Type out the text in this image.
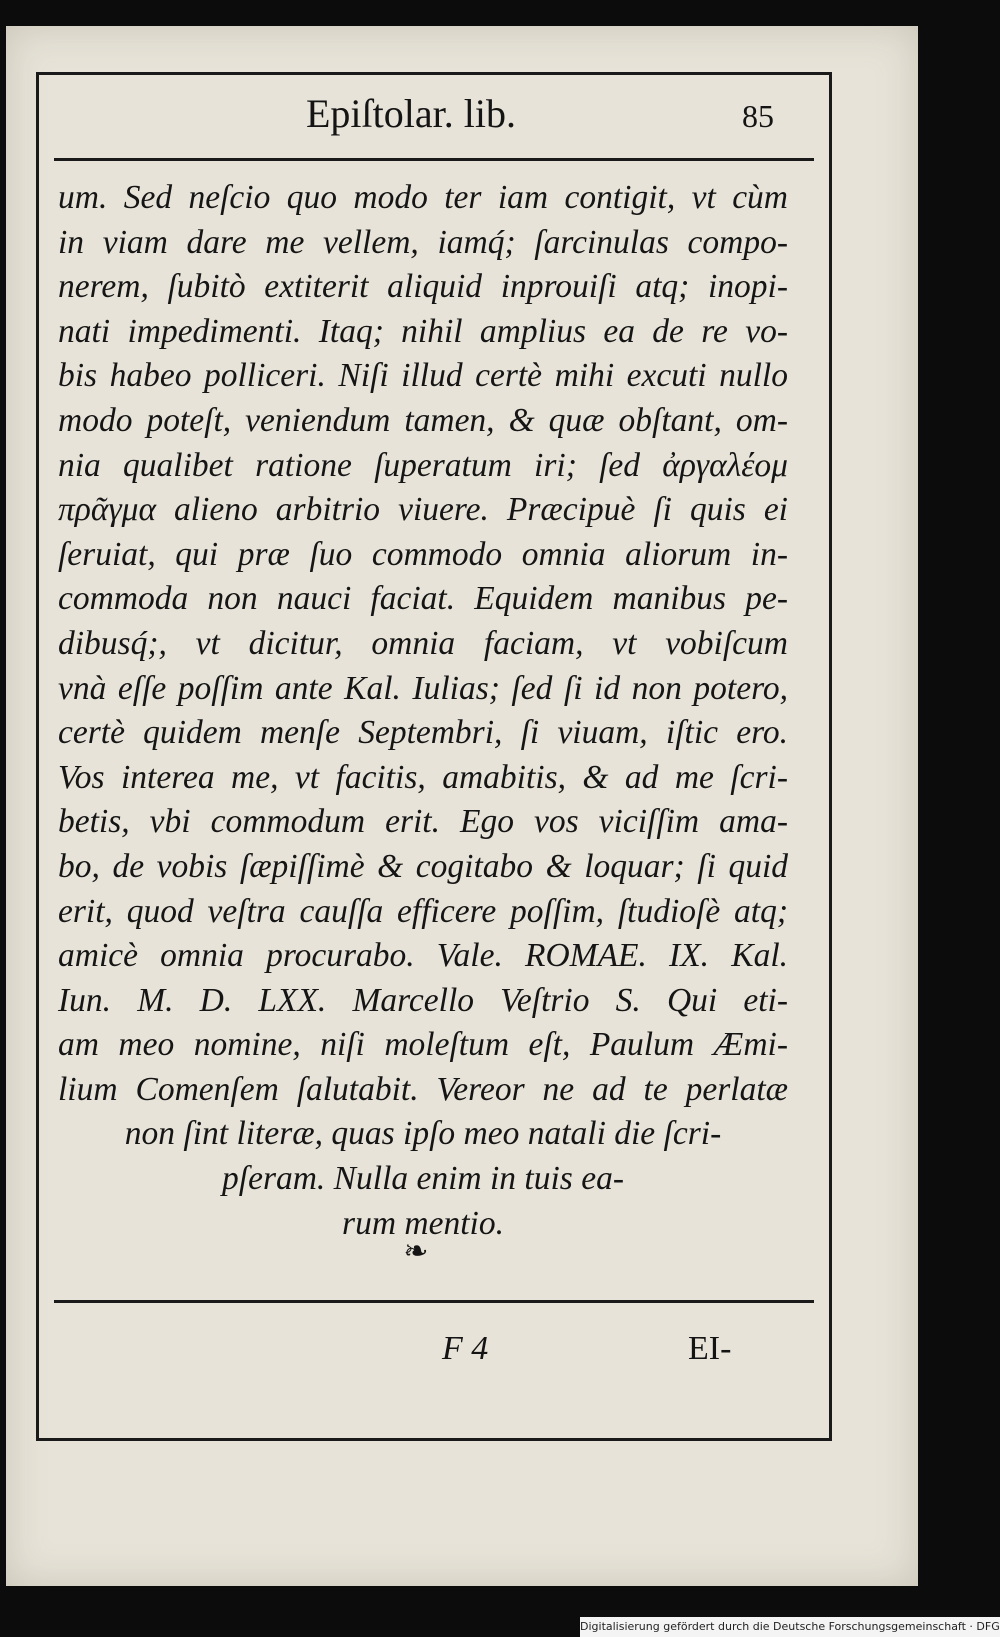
Epiſtolar. lib.	85
um. Sed neſcio quo modo ter iam contigit, vt cùm
in viam dare me vellem, iamq́; ſarcinulas compo-
nerem, ſubitò extiterit aliquid inprouiſi atq; inopi-
nati impedimenti. Itaq; nihil amplius ea de re vo-
bis habeo polliceri. Niſi illud certè mihi excuti nullo
modo poteſt, veniendum tamen, & quæ obſtant, om-
nia qualibet ratione ſuperatum iri; ſed ἀργαλέομ
πρᾶγμα alieno arbitrio viuere. Præcipuè ſi quis ei
ſeruiat, qui præ ſuo commodo omnia aliorum in-
commoda non nauci faciat. Equidem manibus pe-
dibusq́;, vt dicitur, omnia faciam, vt vobiſcum
vnà eſſe poſſim ante Kal. Iulias; ſed ſi id non potero,
certè quidem menſe Septembri, ſi viuam, iſtic ero.
Vos interea me, vt facitis, amabitis, & ad me ſcri-
betis, vbi commodum erit. Ego vos viciſſim ama-
bo, de vobis ſæpiſſimè & cogitabo & loquar; ſi quid
erit, quod veſtra cauſſa efficere poſſim, ſtudioſè atq;
amicè omnia procurabo. Vale. ROMAE. IX. Kal.
Iun. M. D. LXX. Marcello Veſtrio S. Qui eti-
am meo nomine, niſi moleſtum eſt, Paulum Æmi-
lium Comenſem ſalutabit. Vereor ne ad te perlatæ
non ſint literæ, quas ipſo meo natali die ſcri-
pſeram. Nulla enim in tuis ea-
rum mentio.
❧
F 4	EI-
Digitalisierung gefördert durch die Deutsche Forschungsgemeinschaft · DFG
